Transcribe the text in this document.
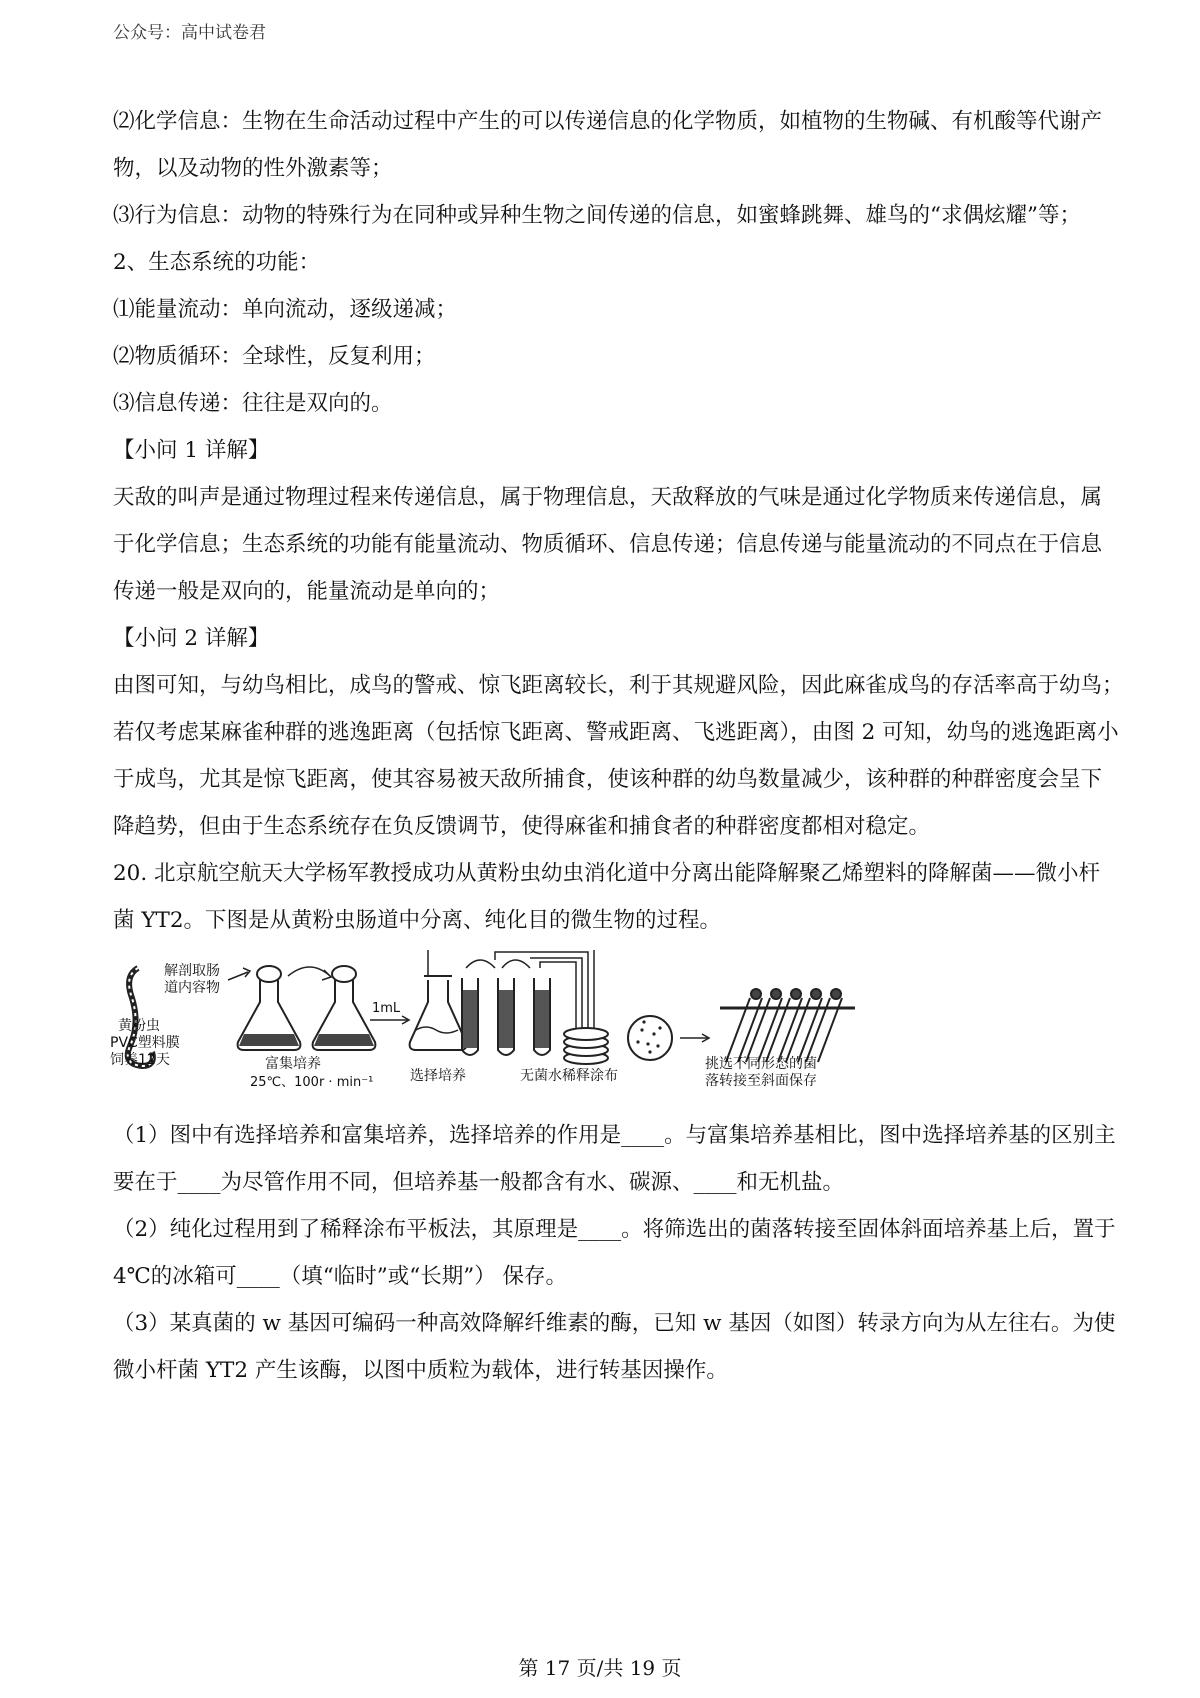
公众号：高中试卷君
⑵化学信息：生物在生命活动过程中产生的可以传递信息的化学物质，如植物的生物碱、有机酸等代谢产
物，以及动物的性外激素等；
⑶行为信息：动物的特殊行为在同种或异种生物之间传递的信息，如蜜蜂跳舞、雄鸟的“求偶炫耀”等；
2、生态系统的功能：
⑴能量流动：单向流动，逐级递减；
⑵物质循环：全球性，反复利用；
⑶信息传递：往往是双向的。
【小问 1 详解】
天敌的叫声是通过物理过程来传递信息，属于物理信息，天敌释放的气味是通过化学物质来传递信息，属
于化学信息；生态系统的功能有能量流动、物质循环、信息传递；信息传递与能量流动的不同点在于信息
传递一般是双向的，能量流动是单向的；
【小问 2 详解】
由图可知，与幼鸟相比，成鸟的警戒、惊飞距离较长，利于其规避风险，因此麻雀成鸟的存活率高于幼鸟；
若仅考虑某麻雀种群的逃逸距离（包括惊飞距离、警戒距离、飞逃距离），由图 2 可知，幼鸟的逃逸距离小
于成鸟，尤其是惊飞距离，使其容易被天敌所捕食，使该种群的幼鸟数量减少，该种群的种群密度会呈下
降趋势，但由于生态系统存在负反馈调节，使得麻雀和捕食者的种群密度都相对稳定。
20. 北京航空航天大学杨军教授成功从黄粉虫幼虫消化道中分离出能降解聚乙烯塑料的降解菌——微小杆
菌 YT2。下图是从黄粉虫肠道中分离、纯化目的微生物的过程。
解剖取肠
道内容物
黄粉虫
PVC塑料膜
饲养12天	富集培养
25℃、100r · min⁻¹
1mL
选择培养	无菌水稀释涂布
挑选不同形态的菌
落转接至斜面保存
（1）图中有选择培养和富集培养，选择培养的作用是____。与富集培养基相比，图中选择培养基的区别主
要在于____为尽管作用不同，但培养基一般都含有水、碳源、____和无机盐。
（2）纯化过程用到了稀释涂布平板法，其原理是____。将筛选出的菌落转接至固体斜面培养基上后，置于
4℃的冰箱可____（填“临时”或“长期”） 保存。
（3）某真菌的 w 基因可编码一种高效降解纤维素的酶，已知 w 基因（如图）转录方向为从左往右。为使
微小杆菌 YT2 产生该酶，以图中质粒为载体，进行转基因操作。
第 17 页/共 19 页
